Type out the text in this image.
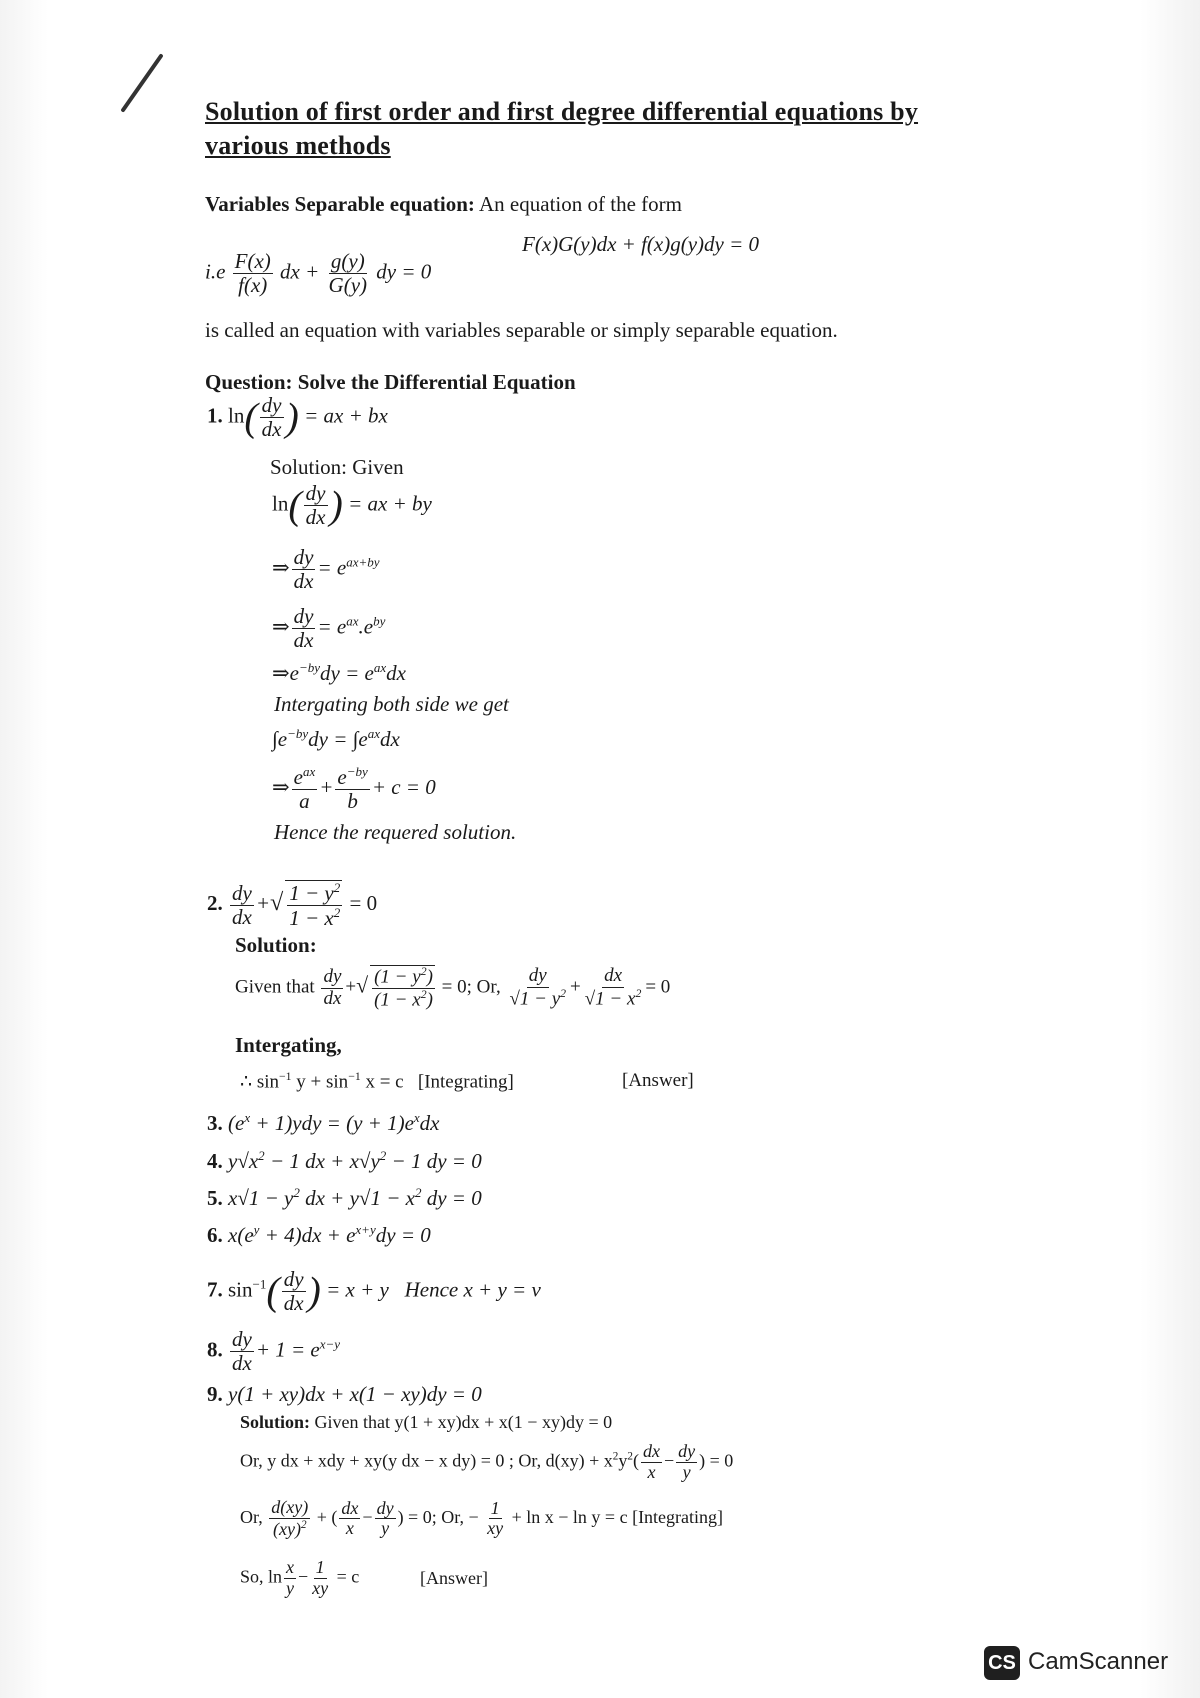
Solution of first order and first degree differential equations by various methods
Variables Separable equation: An equation of the form
F(x)G(y)dx + f(x)g(y)dy = 0
$i.e \frac{F(x)}{f(x)}$ dx + $\frac{g(y)}{G(y)}$ dy = 0
is called an equation with variables separable or simply separable equation.
Question: Solve the Differential Equation
1. $\ln( \frac{dy}{dx}$ ) = ax + bx
Solution: Given
$\ln( \frac{dy}{dx}$ ) = ax + by
⇒ $\frac{dy}{dx} = e^{ax+by}$
⇒ $\frac{dy}{dx} = e^{ax}.e^{by}$
$\Rightarrow e^{-by}dy = e^{ax}dx$
Intergating both side we get
$\int e^{-by}dy = \int e^{ax}dx$
⇒ $e^{ax}$
a
+ $\frac{e^{-by}}{b} + c = 0$
Hence the requered solution.
2. $\frac{dy}{dx}$ +√ $\frac{1 - y^2}{1 - x^2} = 0$
Solution:
Given that $\frac{dy}{dx}$ +√ $\frac{(1 - y^2)}{(1 - x^2)} = 0$; Or, $\frac{dy}{√1 - y^2} + \frac{dx}{√1 - x^2} = 0$
Intergating,
∴ $\sin^{-1} y + \sin^{-1} x = c$ [Integrating]	[Answer]
3. $(e^x + 1)ydy = (y + 1)e^xdx$
4. $y√x^2 - 1$ dx + $x√y^2 - 1$ dy = 0
5. $x√1 - y^2$ dx + $y√1 - x^2$ dy = 0
6. $x(e^y + 4)dx + e^{x+y}dy = 0$
7. $\sin^{-1}( \frac{dy}{dx}$ ) = x + y Hence x + y = v
8. $\frac{dy}{dx} + 1 = e^{x-y}$
9. y(1 + xy)dx + x(1 − xy)dy = 0
Solution: Given that y(1 + xy)dx + x(1 − xy)dy = 0
Or, y dx + xdy + xy(y dx − x dy) = 0 ; Or, $d(xy) + x^2y^2( \frac{dx}{x} - \frac{dy}{y}$ ) = 0
Or, $\frac{d(xy)}{(xy)^2}$ + ( $\frac{dx}{x} - \frac{dy}{y}$ ) = 0; Or, − $\frac{1}{xy} + \ln x - \ln y = c$ [Integrating]
So, $\ln \frac{x}{y} - \frac{1}{xy} = c$	[Answer]
CS CamScanner
